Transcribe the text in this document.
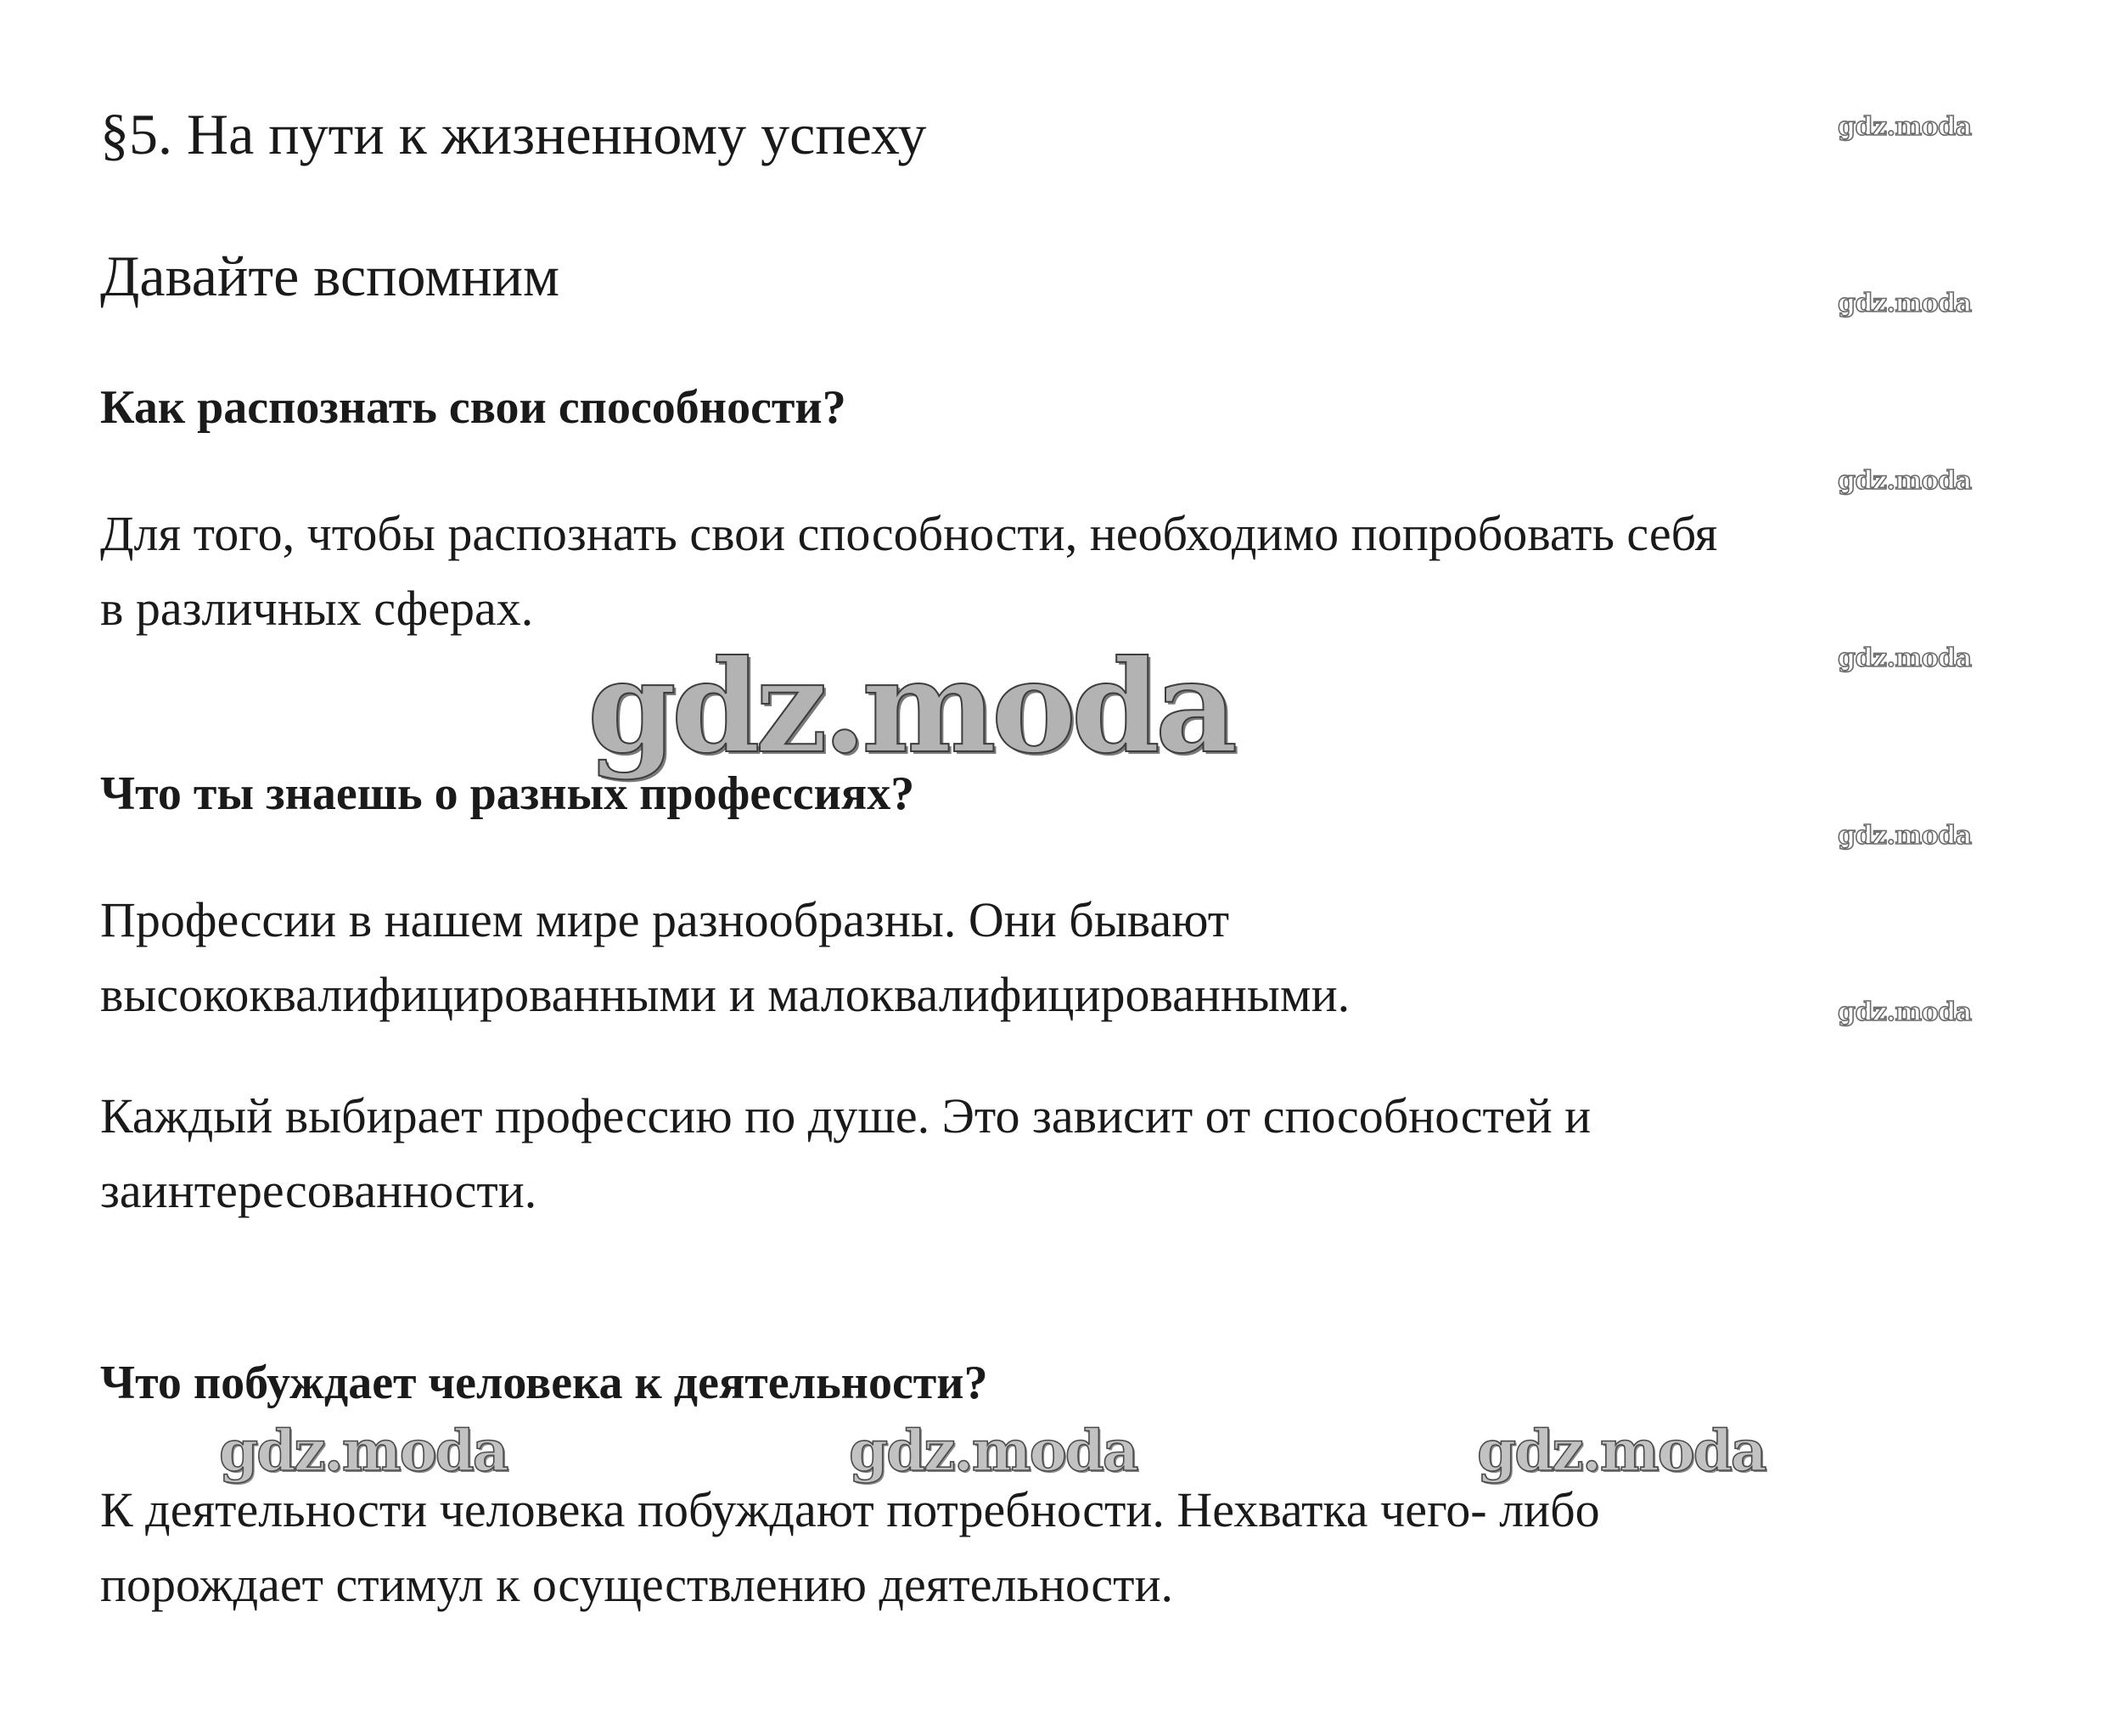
§5. На пути к жизненному успеху
Давайте вспомним
Как распознать свои способности?

Для того, чтобы распознать свои способности, необходимо попробовать себя
в различных сферах.

Что ты знаешь о разных профессиях?

Профессии в нашем мире разнообразны. Они бывают
высококвалифицированными и малоквалифицированными.

Каждый выбирает профессию по душе. Это зависит от способностей и
заинтересованности.

Что побуждает человека к деятельности?

К деятельности человека побуждают потребности. Нехватка чего- либо
порождает стимул к осуществлению деятельности.

gdz.moda
gdz.moda
gdz.moda
gdz.moda
gdz.moda
gdz.moda
gdz.moda
gdz.moda	gdz.moda	gdz.moda
